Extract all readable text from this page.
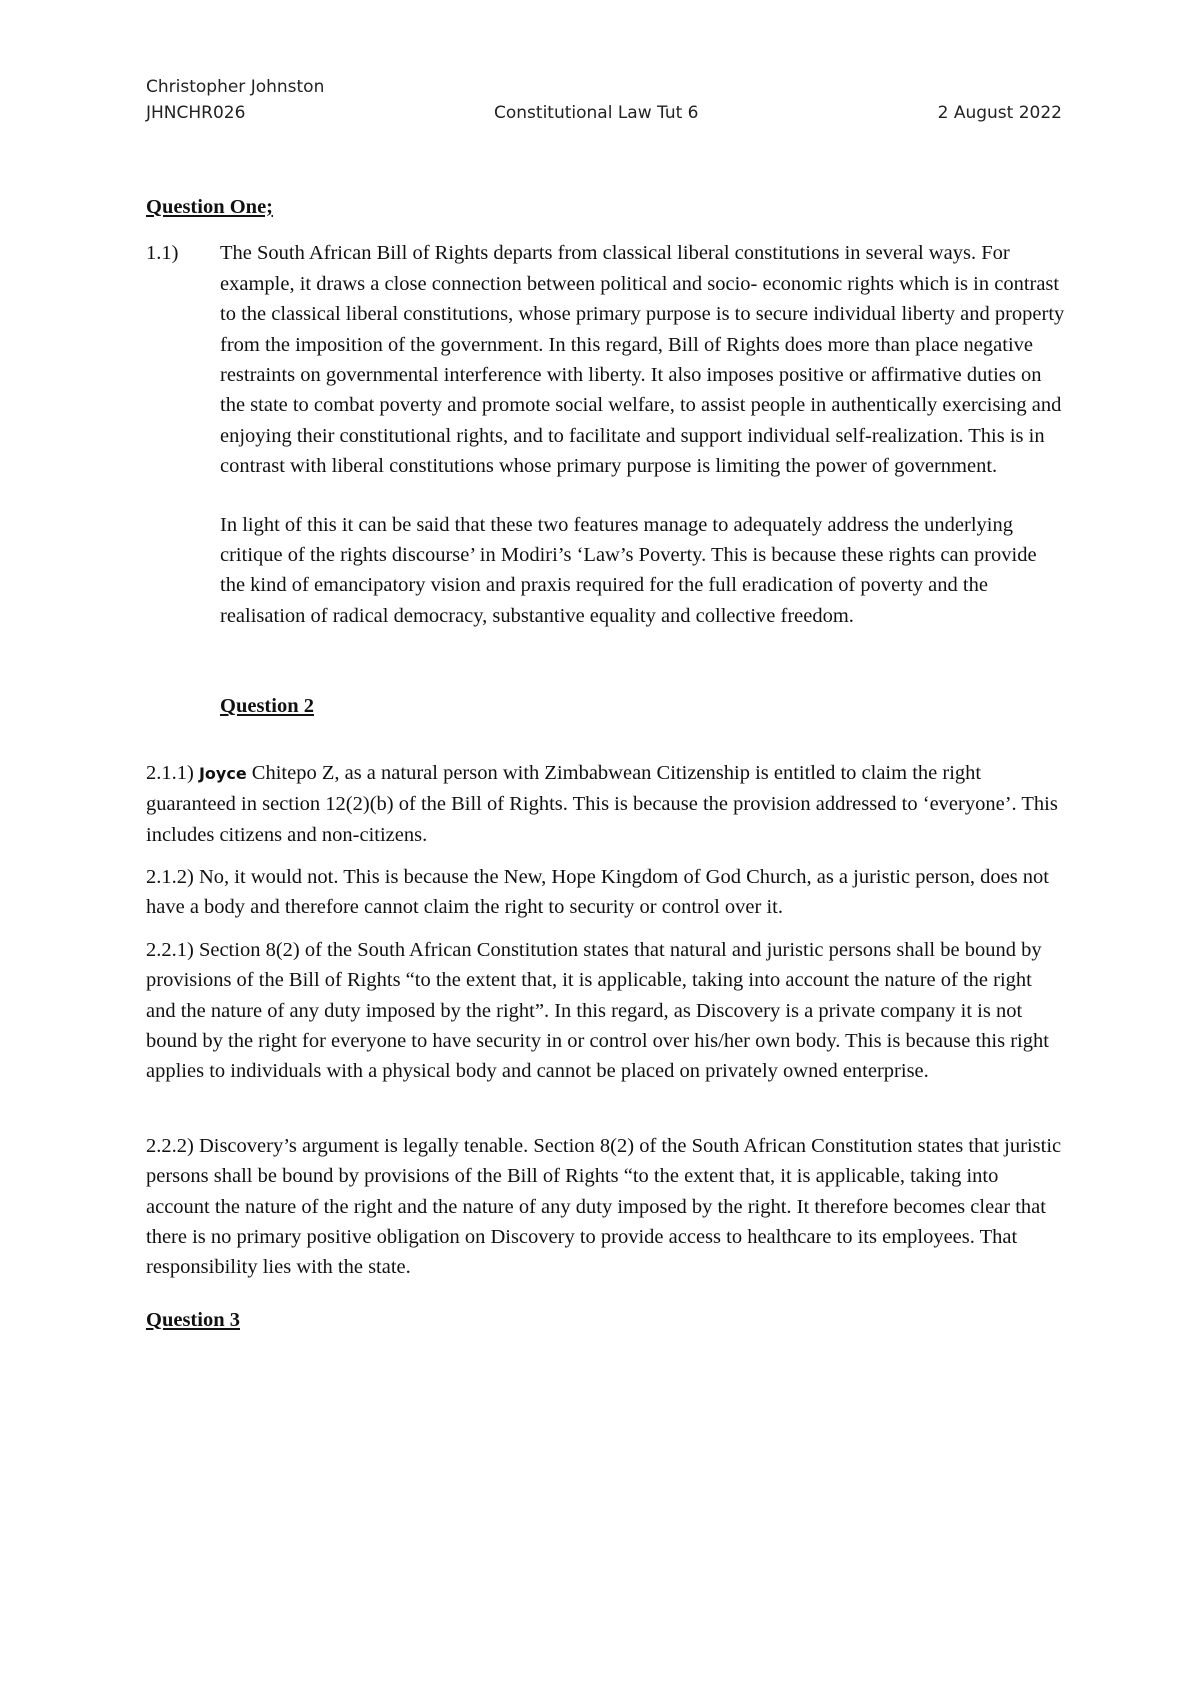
Christopher Johnston
JHNCHR026	Constitutional Law Tut 6	2 August 2022

Question One;

1.1)	The South African Bill of Rights departs from classical liberal constitutions in several ways. For example, it draws a close connection between political and socio- economic rights which is in contrast to the classical liberal constitutions, whose primary purpose is to secure individual liberty and property from the imposition of the government. In this regard, Bill of Rights does more than place negative restraints on governmental interference with liberty. It also imposes positive or affirmative duties on the state to combat poverty and promote social welfare, to assist people in authentically exercising and enjoying their constitutional rights, and to facilitate and support individual self-realization. This is in contrast with liberal constitutions whose primary purpose is limiting the power of government.

In light of this it can be said that these two features manage to adequately address the underlying critique of the rights discourse’ in Modiri’s ‘Law’s Poverty. This is because these rights can provide the kind of emancipatory vision and praxis required for the full eradication of poverty and the realisation of radical democracy, substantive equality and collective freedom.

Question 2

2.1.1) Joyce Chitepo Z, as a natural person with Zimbabwean Citizenship is entitled to claim the right guaranteed in section 12(2)(b) of the Bill of Rights. This is because the provision addressed to ‘everyone’. This includes citizens and non-citizens.

2.1.2) No, it would not. This is because the New, Hope Kingdom of God Church, as a juristic person, does not have a body and therefore cannot claim the right to security or control over it.

2.2.1) Section 8(2) of the South African Constitution states that natural and juristic persons shall be bound by provisions of the Bill of Rights “to the extent that, it is applicable, taking into account the nature of the right and the nature of any duty imposed by the right”. In this regard, as Discovery is a private company it is not bound by the right for everyone to have security in or control over his/her own body. This is because this right applies to individuals with a physical body and cannot be placed on privately owned enterprise.

2.2.2) Discovery’s argument is legally tenable. Section 8(2) of the South African Constitution states that juristic persons shall be bound by provisions of the Bill of Rights “to the extent that, it is applicable, taking into account the nature of the right and the nature of any duty imposed by the right. It therefore becomes clear that there is no primary positive obligation on Discovery to provide access to healthcare to its employees. That responsibility lies with the state.

Question 3
